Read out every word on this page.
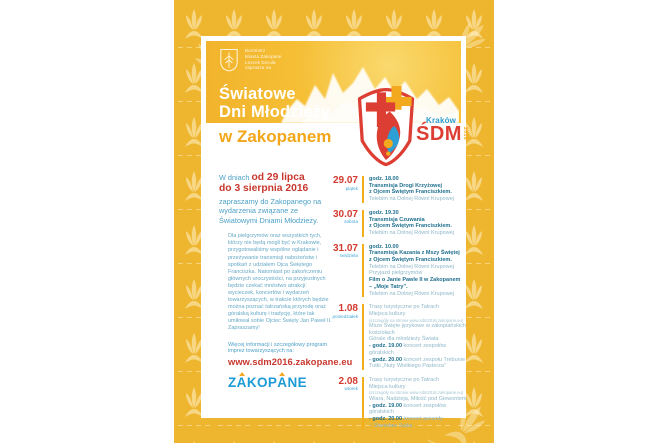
Burmistrz
Miasta Zakopane
Leszek Dorula
zaprasza na
Światowe
Dni Młodzieży
w Zakopanem
Kraków
ŚDM 2016
W dniach od 29 lipca
do 3 sierpnia 2016
zapraszamy do Zakopanego na wydarzenia związane ze Światowymi Dniami Młodzieży.
Dla pielgrzymów oraz wszystkich tych, którzy nie będą mogli być w Krakowie, przygotowaliśmy wspólne oglądanie i przeżywanie transmisji nabożeństw i spotkań z udziałem Ojca Świętego Franciszka. Natomiast po zakończeniu głównych uroczystości, na przyjezdnych będzie czekać mnóstwo atrakcji: wycieczek, koncertów i wydarzeń towarzyszących, w trakcie których będzie można poznać tatrzańską przyrodę oraz góralską kulturę i tradycję, które tak umiłował sobie Ojciec Święty Jan Paweł II. Zapraszamy!
Więcej informacji i szczegółowy program imprez towarzyszących na:
www.sdm2016.zakopane.eu
Z A KOP A NE
29.07
piątek
godz. 18.00
Transmisja Drogi Krzyżowej
z Ojcem Świętym Franciszkiem.
Telebim na Dolnej Równi Krupowej
30.07
sobota
godz. 19.30
Transmisja Czuwania
z Ojcem Świętym Franciszkiem.
Telebim na Dolnej Równi Krupowej
31.07
niedziela
godz. 10.00
Transmisja Kazania z Mszy Świętej
z Ojcem Świętym Franciszkiem.
Telebim na Dolnej Równi Krupowej
Przyjazd pielgrzymów
Film o Janie Pawle II w Zakopanem
– „Moje Tatry”.
Telebim na Dolnej Równi Krupowej
1.08
poniedziałek
Trasy turystyczne po Tatrach
Miejsca kultury
(szczegóły na stronie www.sdm2016.zakopane.eu)
Msze Święte językowe w zakopiańskich
kościołach
Górale dla młodzieży Świata
- godz. 19.00 koncert zespołów góralskich
- godz. 20.00 koncert zespołu Trebunie
Tutki „Nuty Wielkiego Pasterza”
2.08
wtorek
Trasy turystyczne po Tatrach
Miejsca kultury
(szczegóły na stronie www.sdm2016.zakopane.eu)
Wiara, Nadzieja, Miłość pod Giewontem
- godz. 19.00 koncert zespołów góralskich
- godz. 20.00 koncert gwiazdy
– Stanisław Sojka
